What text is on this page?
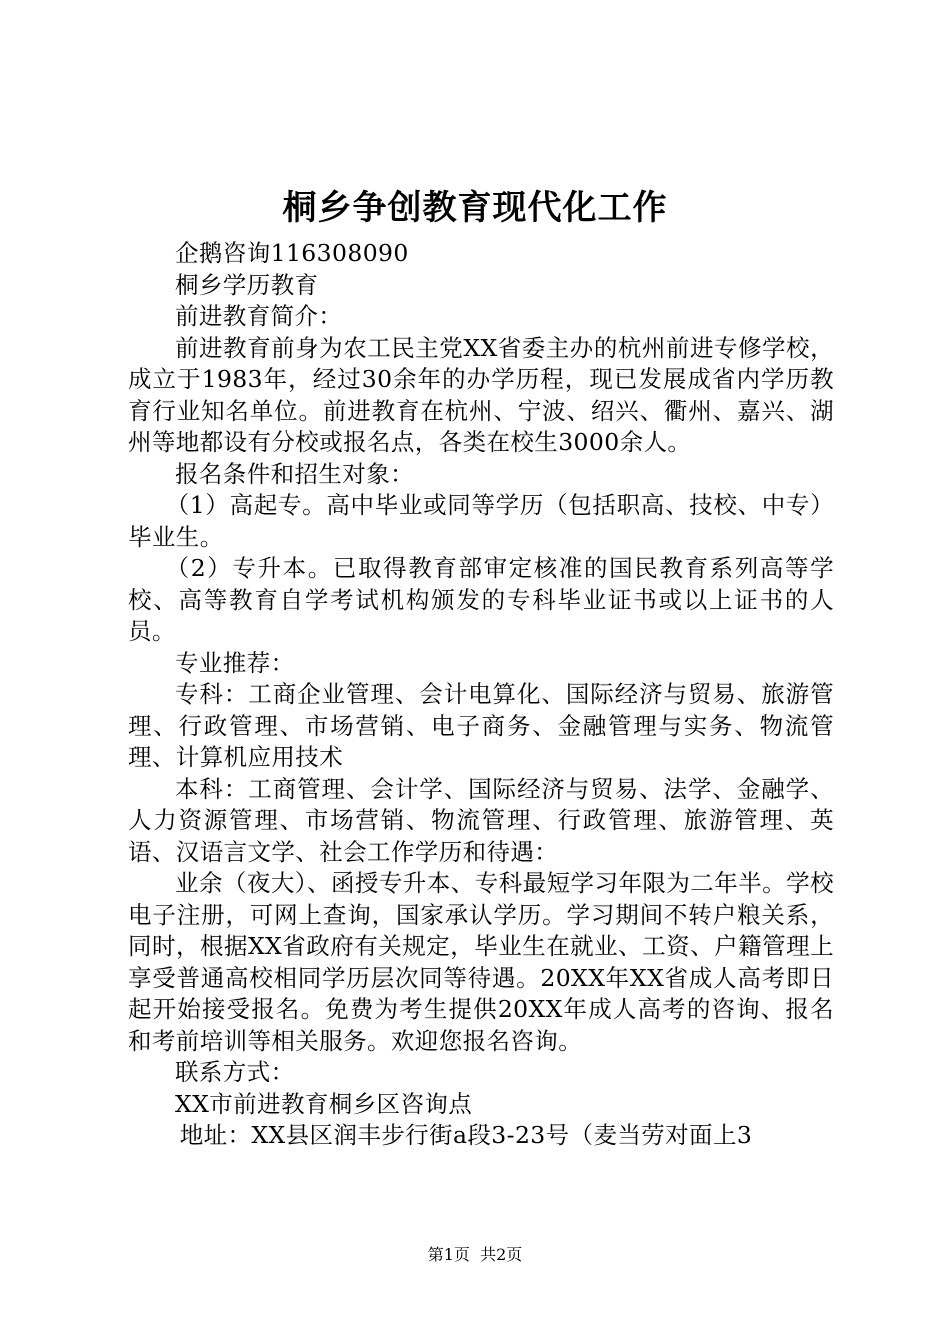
桐乡争创教育现代化工作

企鹅咨询116308090

桐乡学历教育

前进教育简介：

前进教育前身为农工民主党XX省委主办的杭州前进专修学校，成立于1983年，经过30余年的办学历程，现已发展成省内学历教育行业知名单位。前进教育在杭州、宁波、绍兴、衢州、嘉兴、湖州等地都设有分校或报名点，各类在校生3000余人。

报名条件和招生对象：

（1）高起专。高中毕业或同等学历（包括职高、技校、中专）毕业生。

（2）专升本。已取得教育部审定核准的国民教育系列高等学校、高等教育自学考试机构颁发的专科毕业证书或以上证书的人员。

专业推荐：

专科：工商企业管理、会计电算化、国际经济与贸易、旅游管理、行政管理、市场营销、电子商务、金融管理与实务、物流管理、计算机应用技术

本科：工商管理、会计学、国际经济与贸易、法学、金融学、人力资源管理、市场营销、物流管理、行政管理、旅游管理、英语、汉语言文学、社会工作学历和待遇：

业余（夜大）、函授专升本、专科最短学习年限为二年半。学校电子注册，可网上查询，国家承认学历。学习期间不转户粮关系，同时，根据XX省政府有关规定，毕业生在就业、工资、户籍管理上享受普通高校相同学历层次同等待遇。20XX年XX省成人高考即日起开始接受报名。免费为考生提供20XX年成人高考的咨询、报名和考前培训等相关服务。欢迎您报名咨询。

联系方式：

XX市前进教育桐乡区咨询点

地址：XX县区润丰步行街a段3-23号（麦当劳对面上3

第1页 共2页
